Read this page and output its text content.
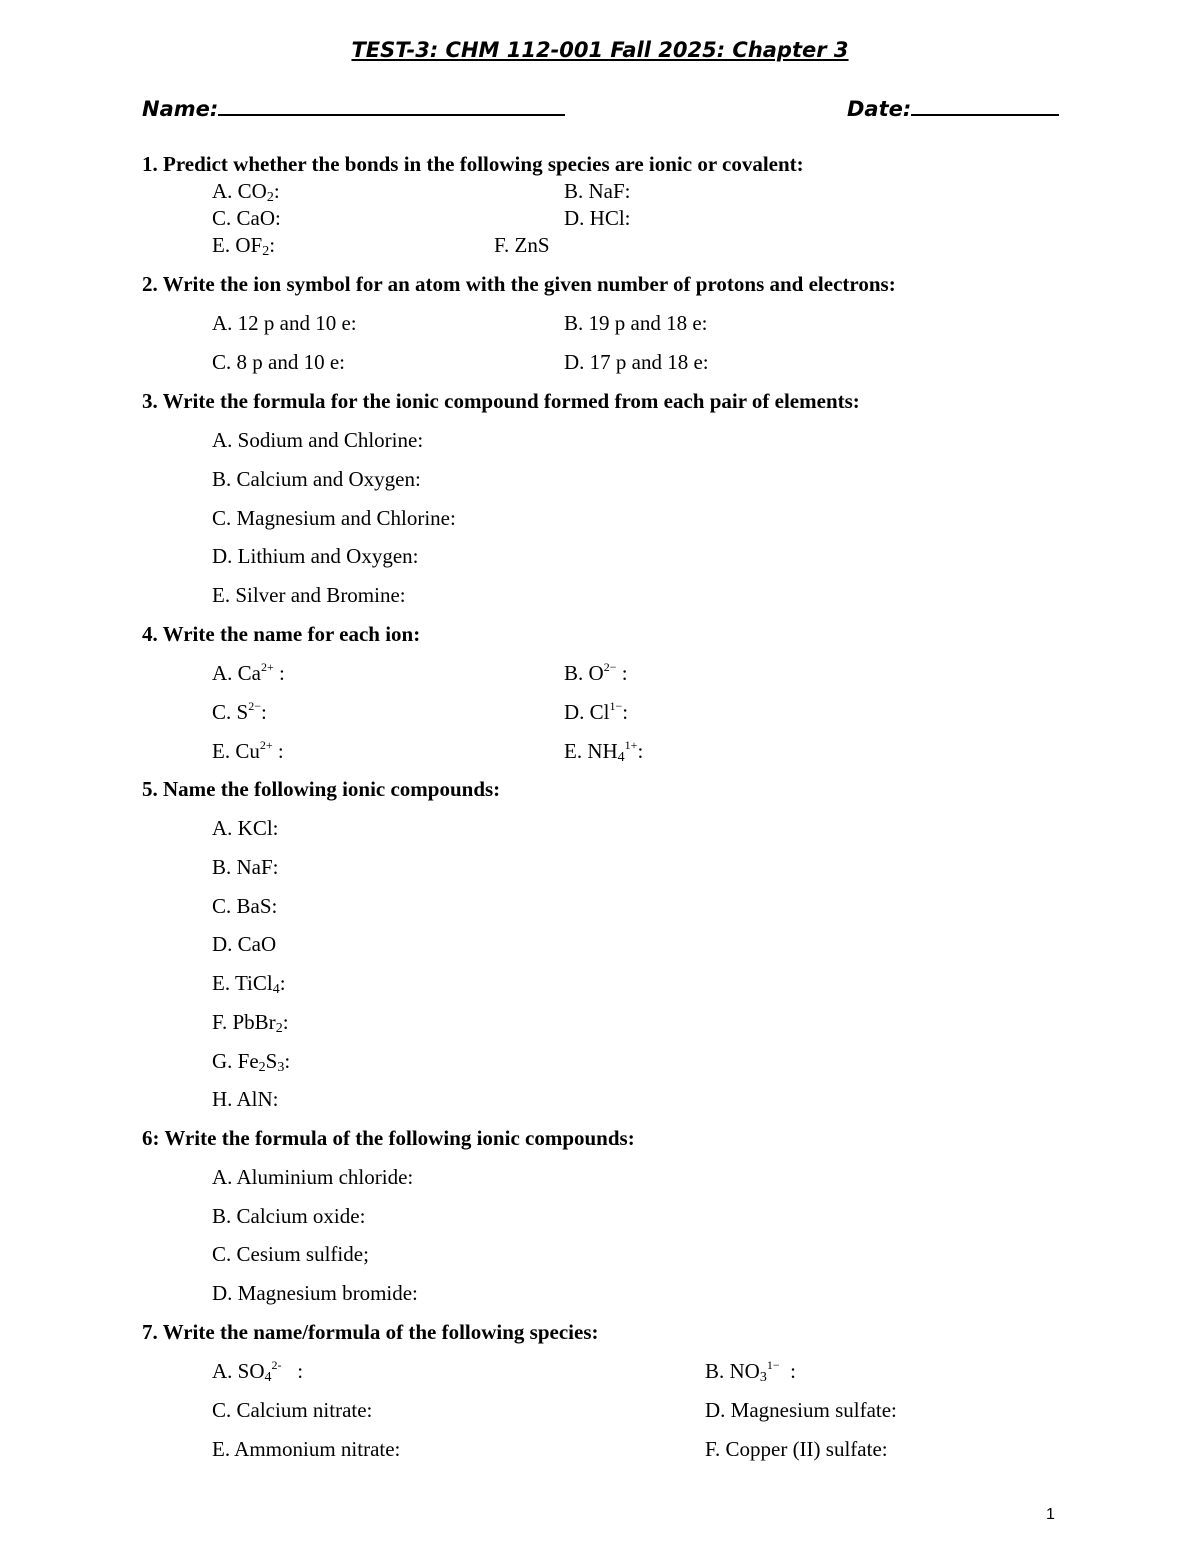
TEST-3: CHM 112-001 Fall 2025: Chapter 3
Name:	Date:
1. Predict whether the bonds in the following species are ionic or covalent:
A. $CO_2$:	B. NaF:
C. CaO:	D. HCl:
E. $OF_2$:	F. ZnS
2. Write the ion symbol for an atom with the given number of protons and electrons:
A. 12 p and 10 e:	B. 19 p and 18 e:
C. 8 p and 10 e:	D. 17 p and 18 e:
3. Write the formula for the ionic compound formed from each pair of elements:
A. Sodium and Chlorine:
B. Calcium and Oxygen:
C. Magnesium and Chlorine:
D. Lithium and Oxygen:
E. Silver and Bromine:
4. Write the name for each ion:
A. $Ca^{2+}$ :	B. $O^{2-}$ :
C. $S^{2-}$:	D. $Cl^{1-}$:
E. $Cu^{2+}$ :	E. $NH_4^{1+}$:
5. Name the following ionic compounds:
A. KCl:
B. NaF:
C. BaS:
D. CaO
E. TiCl$_4$:
F. PbBr$_2$:
G. $Fe_2S_3$:
H. AlN:
6: Write the formula of the following ionic compounds:
A. Aluminium chloride:
B. Calcium oxide:
C. Cesium sulfide;
D. Magnesium bromide:
7. Write the name/formula of the following species:
A. $SO_4^{2-}$   :	B. $NO_3^{1-}$  :
C. Calcium nitrate:	D. Magnesium sulfate:
E. Ammonium nitrate:	F. Copper (II) sulfate:
1
